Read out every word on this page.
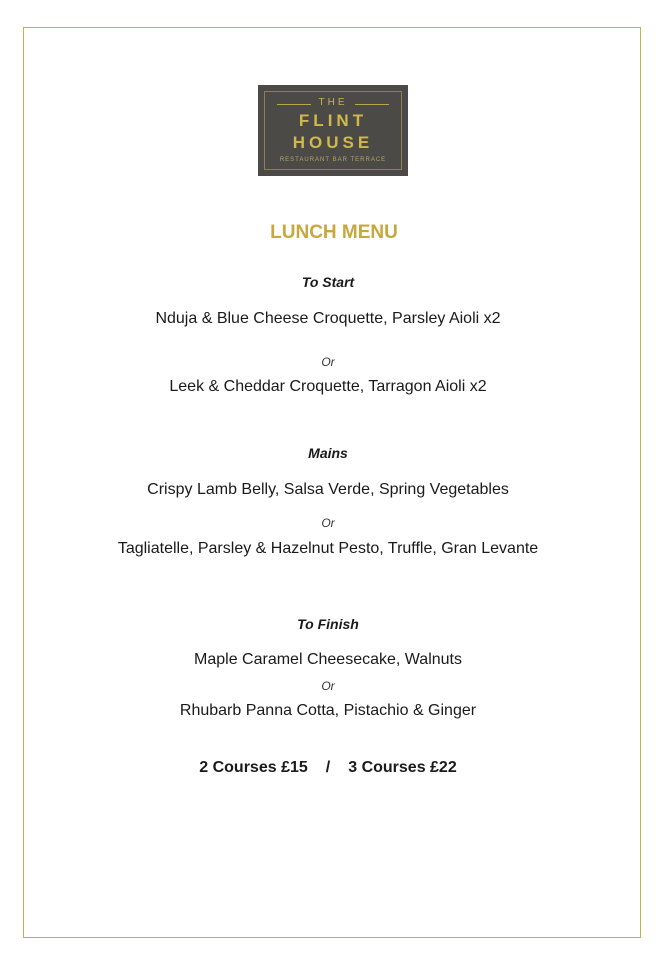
THE
FLINT
HOUSE
RESTAURANT BAR TERRACE
LUNCH MENU
To Start
Nduja & Blue Cheese Croquette, Parsley Aioli x2
Or
Leek & Cheddar Croquette, Tarragon Aioli x2
Mains
Crispy Lamb Belly, Salsa Verde, Spring Vegetables
Or
Tagliatelle, Parsley & Hazelnut Pesto, Truffle, Gran Levante
To Finish
Maple Caramel Cheesecake, Walnuts
Or
Rhubarb Panna Cotta, Pistachio & Ginger
2 Courses £15 / 3 Courses £22
